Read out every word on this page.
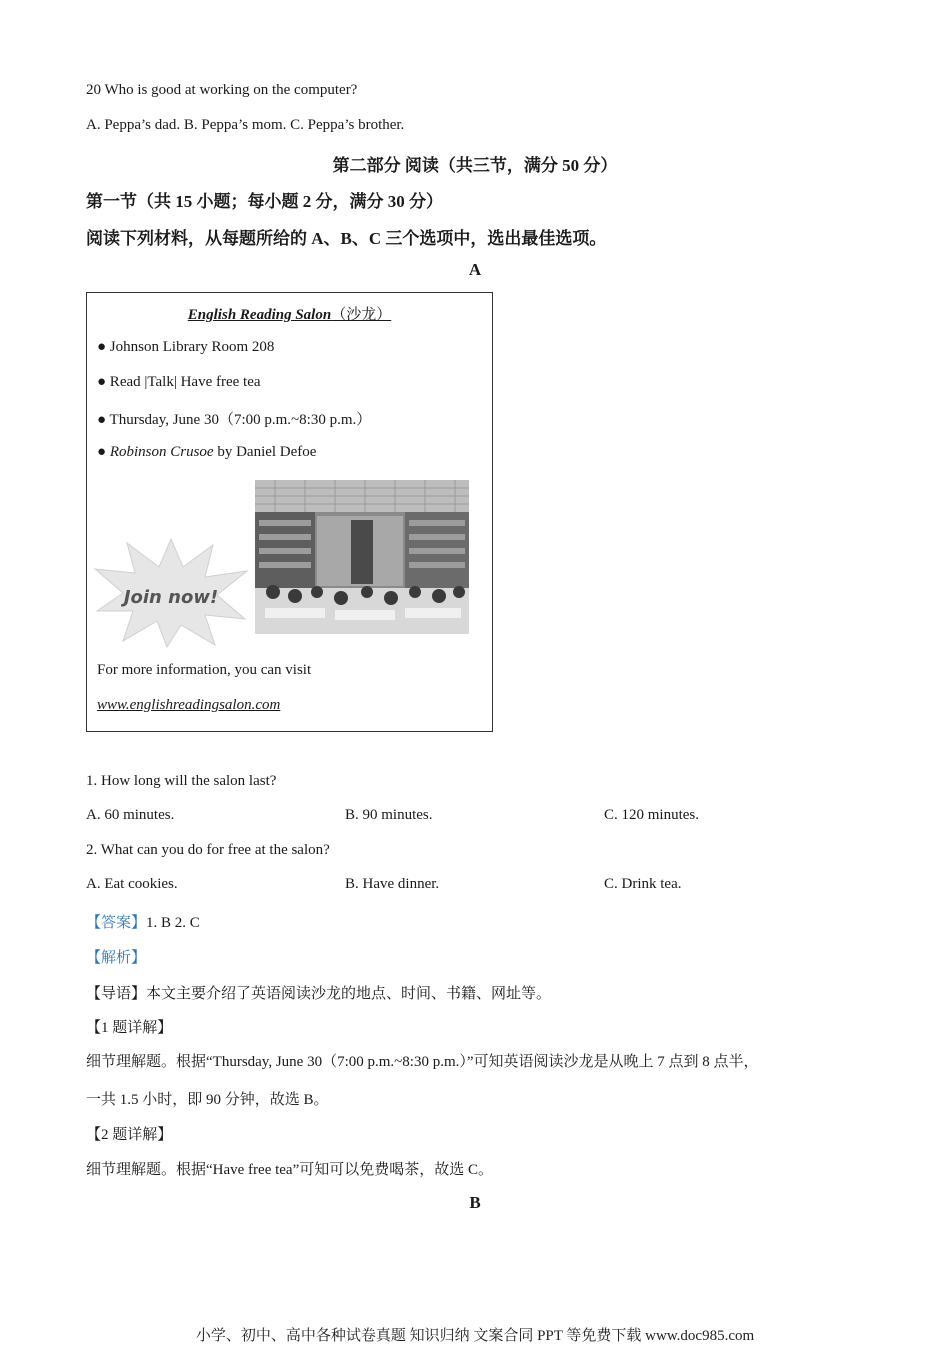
20 Who is good at working on the computer?
A. Peppa’s dad. B. Peppa’s mom. C. Peppa’s brother.
第二部分 阅读（共三节，满分 50 分）
第一节（共 15 小题；每小题 2 分，满分 30 分）
阅读下列材料，从每题所给的 A、B、C 三个选项中，选出最佳选项。
A
English Reading Salon（沙龙）
● Johnson Library Room 208
● Read |Talk| Have free tea
● Thursday, June 30（7:00 p.m.~8:30 p.m.）
● Robinson Crusoe by Daniel Defoe
Join now!
For more information, you can visit
www.englishreadingsalon.com
1. How long will the salon last?
A. 60 minutes.	B. 90 minutes.	C. 120 minutes.
2. What can you do for free at the salon?
A. Eat cookies.	B. Have dinner.	C. Drink tea.
【答案】1. B 2. C
【解析】
【导语】本文主要介绍了英语阅读沙龙的地点、时间、书籍、网址等。
【1 题详解】
细节理解题。根据“Thursday, June 30（7:00 p.m.~8:30 p.m.）”可知英语阅读沙龙是从晚上 7 点到 8 点半，
一共 1.5 小时，即 90 分钟，故选 B。
【2 题详解】
细节理解题。根据“Have free tea”可知可以免费喝茶，故选 C。
B
小学、初中、高中各种试卷真题 知识归纳 文案合同 PPT 等免费下载 www.doc985.com
